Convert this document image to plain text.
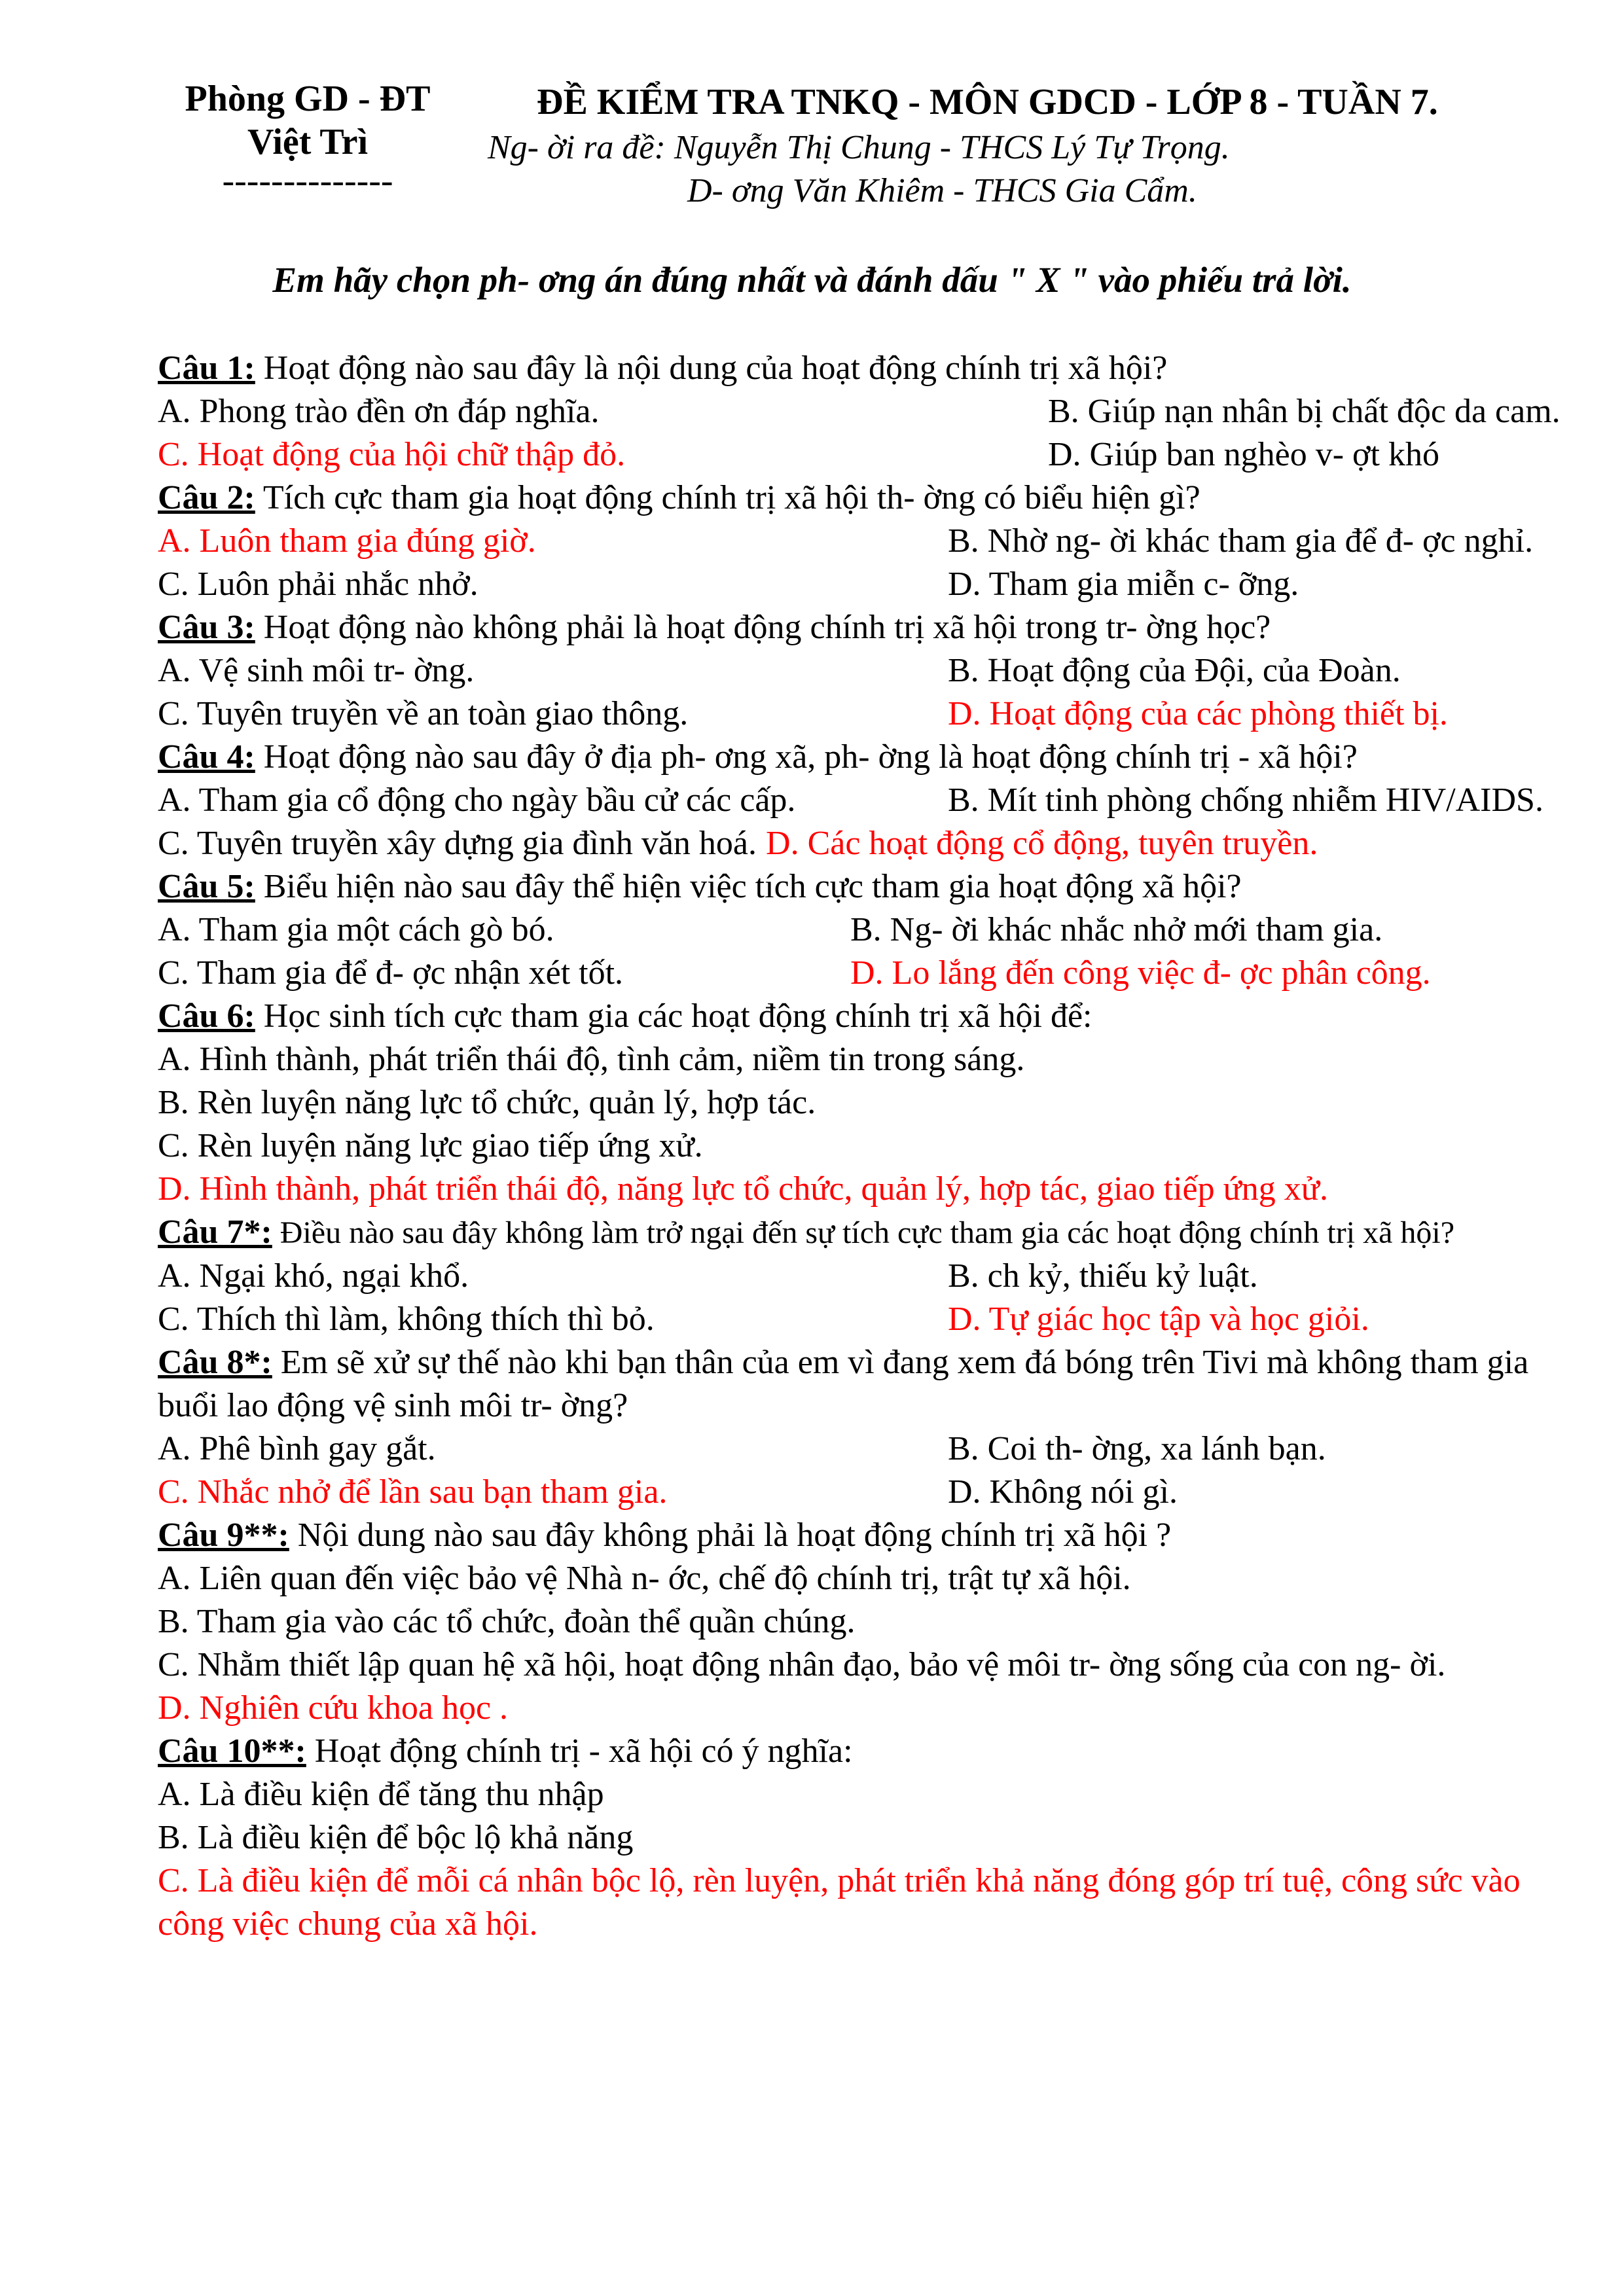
Phòng GD - ĐT
Việt Trì
--------------
ĐỀ KIỂM TRA TNKQ - MÔN GDCD - LỚP 8 - TUẦN 7.
Ng- ời ra đề: Nguyễn Thị Chung - THCS Lý Tự Trọng.
D- ơng Văn Khiêm - THCS Gia Cẩm.
Em hãy chọn ph- ơng án đúng nhất và đánh dấu " X " vào phiếu trả lời.
Câu 1: Hoạt động nào sau đây là nội dung của hoạt động chính trị xã hội?
A. Phong trào đền ơn đáp nghĩa.	B. Giúp nạn nhân bị chất độc da cam.
C. Hoạt động của hội chữ thập đỏ.	D. Giúp ban nghèo v- ợt khó
Câu 2: Tích cực tham gia hoạt động chính trị xã hội th- ờng có biểu hiện gì?
A. Luôn tham gia đúng giờ.	B. Nhờ ng- ời khác tham gia để đ- ợc nghỉ.
C. Luôn phải nhắc nhở.	D. Tham gia miễn c- ỡng.
Câu 3: Hoạt động nào không phải là hoạt động chính trị xã hội trong tr- ờng học?
A. Vệ sinh môi tr- ờng.	B. Hoạt động của Đội, của Đoàn.
C. Tuyên truyền về an toàn giao thông.	D. Hoạt động của các phòng thiết bị.
Câu 4: Hoạt động nào sau đây ở địa ph- ơng xã, ph- ờng là hoạt động chính trị - xã hội?
A. Tham gia cổ động cho ngày bầu cử các cấp.	B. Mít tinh phòng chống nhiễm HIV/AIDS.
C. Tuyên truyền xây dựng gia đình văn hoá. D. Các hoạt động cổ động, tuyên truyền.
Câu 5: Biểu hiện nào sau đây thể hiện việc tích cực tham gia hoạt động xã hội?
A. Tham gia một cách gò bó.	B. Ng- ời khác nhắc nhở mới tham gia.
C. Tham gia để đ- ợc nhận xét tốt.	D. Lo lắng đến công việc đ- ợc phân công.
Câu 6: Học sinh tích cực tham gia các hoạt động chính trị xã hội để:
A. Hình thành, phát triển thái độ, tình cảm, niềm tin trong sáng.
B. Rèn luyện năng lực tổ chức, quản lý, hợp tác.
C. Rèn luyện năng lực giao tiếp ứng xử.
D. Hình thành, phát triển thái độ, năng lực tổ chức, quản lý, hợp tác, giao tiếp ứng xử.
Câu 7*: Điều nào sau đây không làm trở ngại đến sự tích cực tham gia các hoạt động chính trị xã hội?
A. Ngại khó, ngại khổ.	B. ch kỷ, thiếu kỷ luật.
C. Thích thì làm, không thích thì bỏ.	D. Tự giác học tập và học giỏi.
Câu 8*: Em sẽ xử sự thế nào khi bạn thân của em vì đang xem đá bóng trên Tivi mà không tham gia buổi lao động vệ sinh môi tr- ờng?
A. Phê bình gay gắt.	B. Coi th- ờng, xa lánh bạn.
C. Nhắc nhở để lần sau bạn tham gia.	D. Không nói gì.
Câu 9**: Nội dung nào sau đây không phải là hoạt động chính trị xã hội ?
A. Liên quan đến việc bảo vệ Nhà n- ớc, chế độ chính trị, trật tự xã hội.
B. Tham gia vào các tổ chức, đoàn thể quần chúng.
C. Nhằm thiết lập quan hệ xã hội, hoạt động nhân đạo, bảo vệ môi tr- ờng sống của con ng- ời.
D. Nghiên cứu khoa học .
Câu 10**: Hoạt động chính trị - xã hội có ý nghĩa:
A. Là điều kiện để tăng thu nhập
B. Là điều kiện để bộc lộ khả năng
C. Là điều kiện để mỗi cá nhân bộc lộ, rèn luyện, phát triển khả năng đóng góp trí tuệ, công sức vào công việc chung của xã hội.
